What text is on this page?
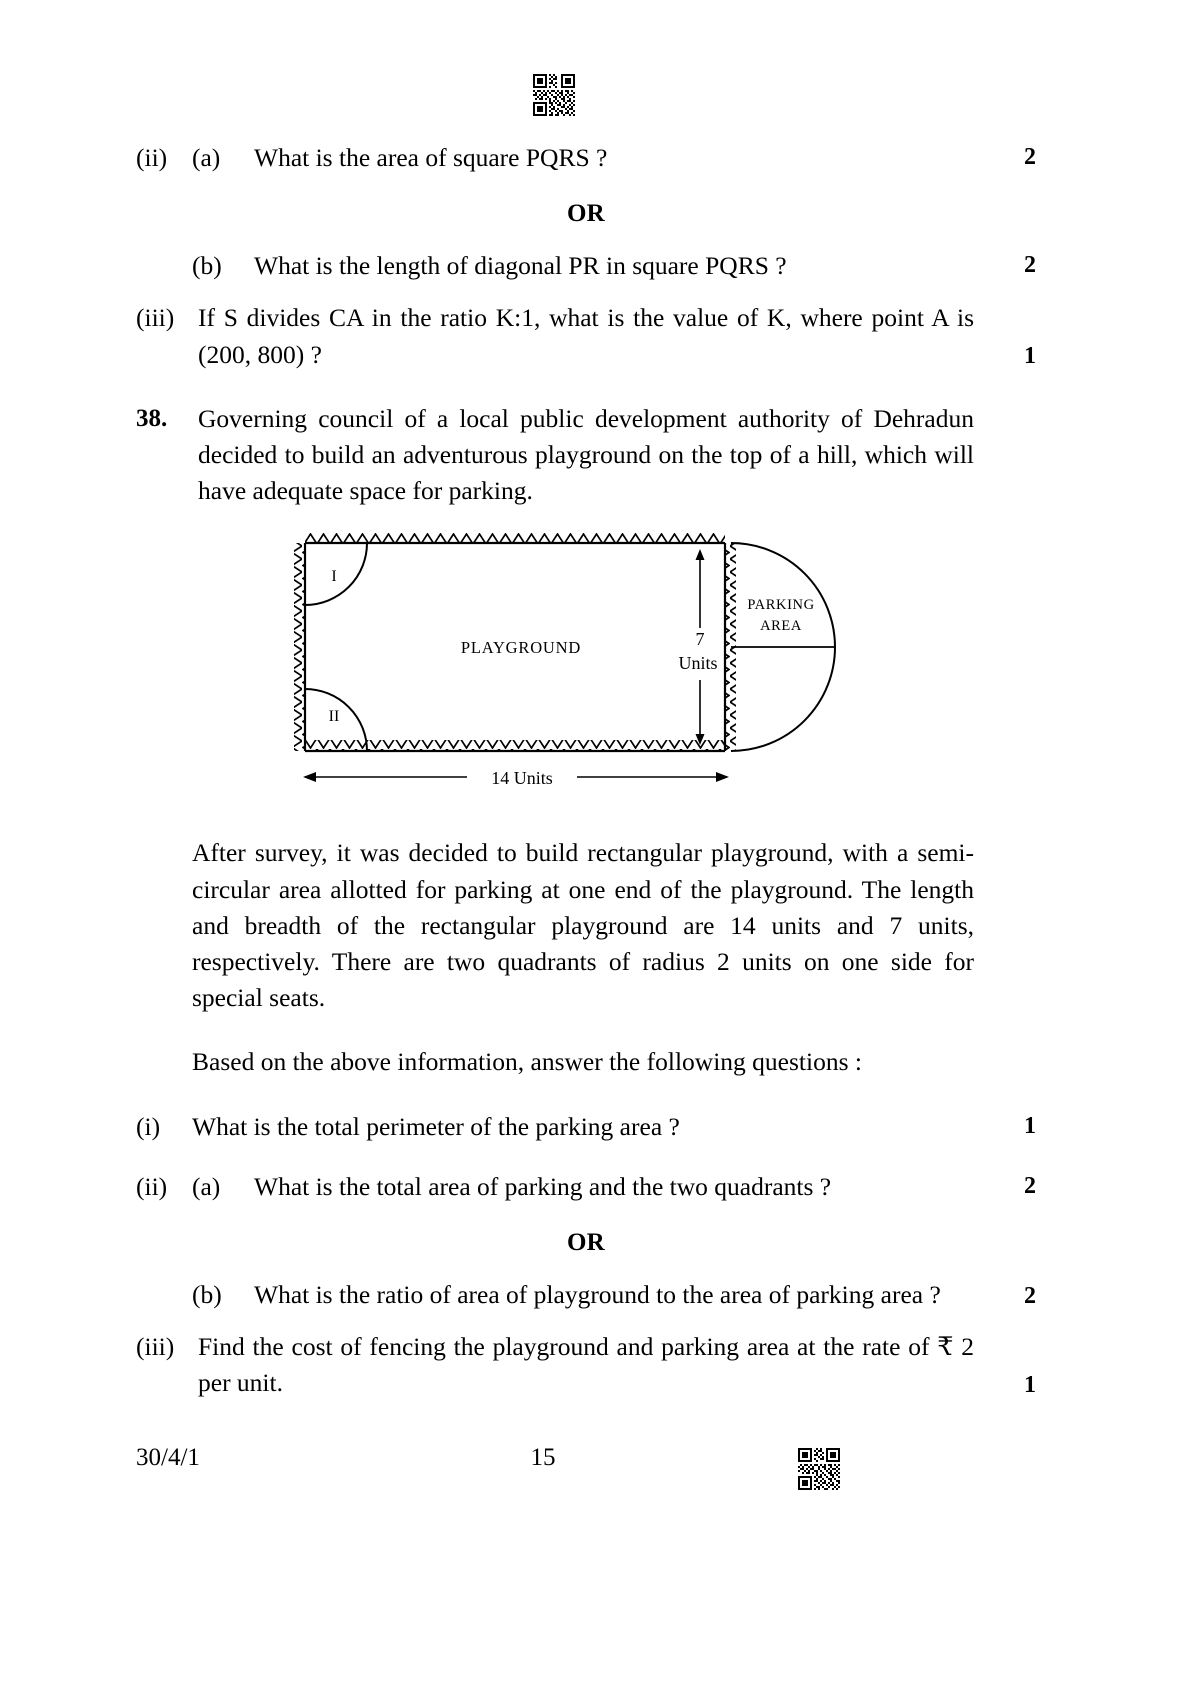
(ii) (a)	What is the area of square PQRS ?	2
OR
(b)	What is the length of diagonal PR in square PQRS ?	2
(iii) If S divides CA in the ratio K:1, what is the value of K, where point A is (200, 800) ?	1
38.	Governing council of a local public development authority of Dehradun decided to build an adventurous playground on the top of a hill, which will have adequate space for parking.
I
II
PLAYGROUND	7
Units
PARKING
AREA
14 Units
After survey, it was decided to build rectangular playground, with a semi-circular area allotted for parking at one end of the playground. The length and breadth of the rectangular playground are 14 units and 7 units, respectively. There are two quadrants of radius 2 units on one side for special seats.
Based on the above information, answer the following questions :
(i)	What is the total perimeter of the parking area ?	1
(ii) (a)	What is the total area of parking and the two quadrants ?	2
OR
(b)	What is the ratio of area of playground to the area of parking area ?	2
(iii) Find the cost of fencing the playground and parking area at the rate of ₹ 2 per unit.	1
30/4/1	15
